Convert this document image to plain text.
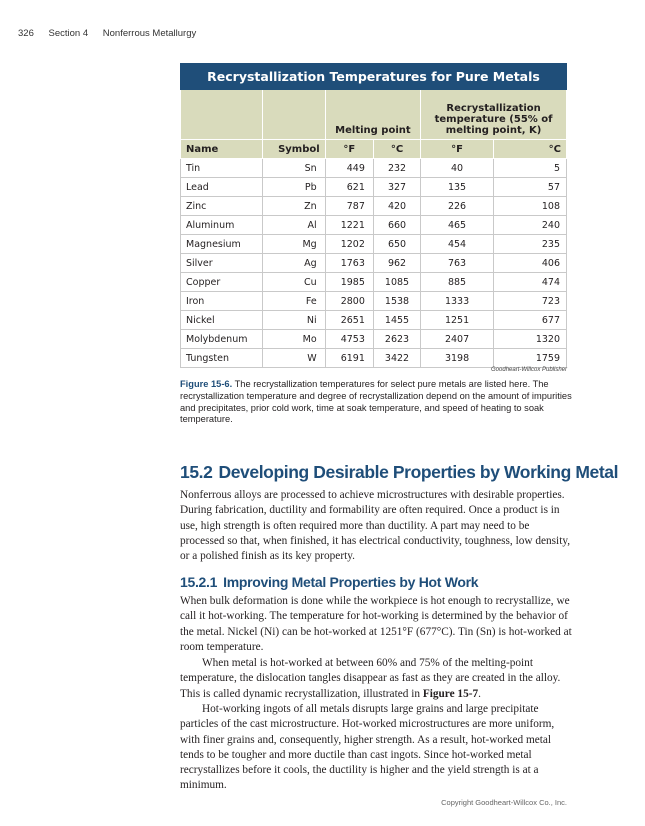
326 Section 4 Nonferrous Metallurgy
Recrystallization Temperatures for Pure Metals					
		Melting point		Recrystallization temperature (55% of melting point, K)	
Name	Symbol	°F	°C	°F	°C
Tin	Sn	449	232	40	5
Lead	Pb	621	327	135	57
Zinc	Zn	787	420	226	108
Aluminum	Al	1221	660	465	240
Magnesium	Mg	1202	650	454	235
Silver	Ag	1763	962	763	406
Copper	Cu	1985	1085	885	474
Iron	Fe	2800	1538	1333	723
Nickel	Ni	2651	1455	1251	677
Molybdenum	Mo	4753	2623	2407	1320
Tungsten	W	6191	3422	3198	1759
Goodheart-Willcox Publisher
Figure 15-6. The recrystallization temperatures for select pure metals are listed here. The recrystallization temperature and degree of recrystallization depend on the amount of impurities and precipitates, prior cold work, time at soak temperature, and speed of heating to soak temperature.
15.2 Developing Desirable Properties by Working Metal
Nonferrous alloys are processed to achieve microstructures with desirable properties. During fabrication, ductility and formability are often required. Once a product is in use, high strength is often required more than ductility. A part may need to be processed so that, when finished, it has electrical conductivity, toughness, low density, or a polished finish as its key property.
15.2.1 Improving Metal Properties by Hot Work
When bulk deformation is done while the workpiece is hot enough to recrystallize, we call it hot-working. The temperature for hot-working is determined by the behavior of the metal. Nickel (Ni) can be hot-worked at 1251°F (677°C). Tin (Sn) is hot-worked at room temperature.
When metal is hot-worked at between 60% and 75% of the melting-point temperature, the dislocation tangles disappear as fast as they are created in the alloy. This is called dynamic recrystallization, illustrated in Figure 15-7.
Hot-working ingots of all metals disrupts large grains and large precipitate particles of the cast microstructure. Hot-worked microstructures are more uniform, with finer grains and, consequently, higher strength. As a result, hot-worked metal tends to be tougher and more ductile than cast ingots. Since hot-worked metal recrystallizes before it cools, the ductility is higher and the yield strength is at a minimum.
Copyright Goodheart-Willcox Co., Inc.
